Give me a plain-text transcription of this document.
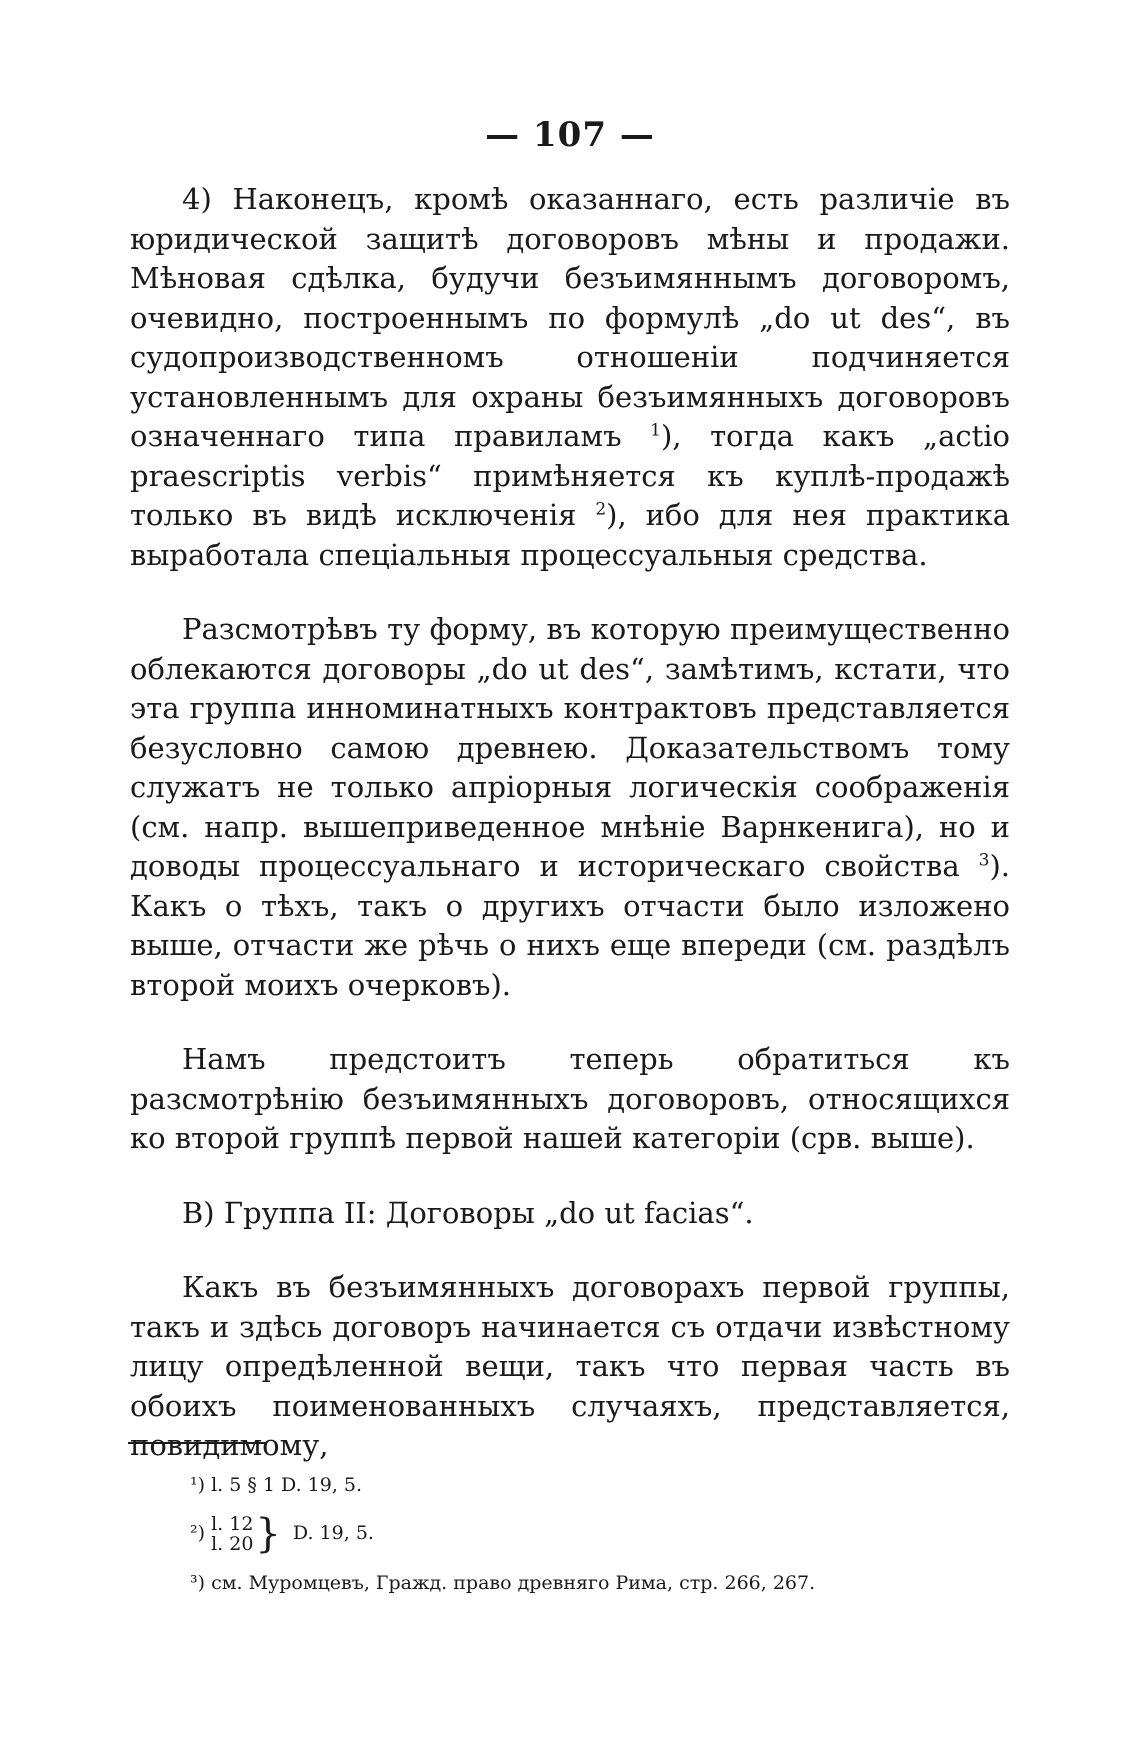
— 107 —

4) Наконецъ, кромѣ оказаннаго, есть различіе въ юридической защитѣ договоровъ мѣны и продажи. Мѣновая сдѣлка, будучи безъимяннымъ договоромъ, очевидно, построеннымъ по формулѣ „do ut des“, въ судопроизводственномъ отношеніи подчиняется установленнымъ для охраны безъимянныхъ договоровъ означеннаго типа правиламъ $^1$), тогда какъ „actio praescriptis verbis“ примѣняется къ куплѣ-продажѣ только въ видѣ исключенія $^2$), ибо для нея практика выработала спеціальныя процессуальныя средства.

Разсмотрѣвъ ту форму, въ которую преимущественно облекаются договоры „do ut des“, замѣтимъ, кстати, что эта группа инноминатныхъ контрактовъ представляется безусловно самою древнею. Доказательствомъ тому служатъ не только апріорныя логическія соображенія (см. напр. вышеприведенное мнѣніе Варнкенига), но и доводы процессуальнаго и историческаго свойства $^3$). Какъ о тѣхъ, такъ о другихъ отчасти было изложено выше, отчасти же рѣчь о нихъ еще впереди (см. раздѣлъ второй моихъ очерковъ).

Намъ предстоитъ теперь обратиться къ разсмотрѣнію безъимянныхъ договоровъ, относящихся ко второй группѣ первой нашей категоріи (срв. выше).

В) Группа II: Договоры „do ut facias“.

Какъ въ безъимянныхъ договорахъ первой группы, такъ и здѣсь договоръ начинается съ отдачи извѣстному лицу опредѣленной вещи, такъ что первая часть въ обоихъ поименованныхъ случаяхъ, представляется, повидимому,

¹) l. 5 § 1 D. 19, 5.
²) l. 12
l. 20 } D. 19, 5.
³) см. Муромцевъ, Гражд. право древняго Рима, стр. 266, 267.
